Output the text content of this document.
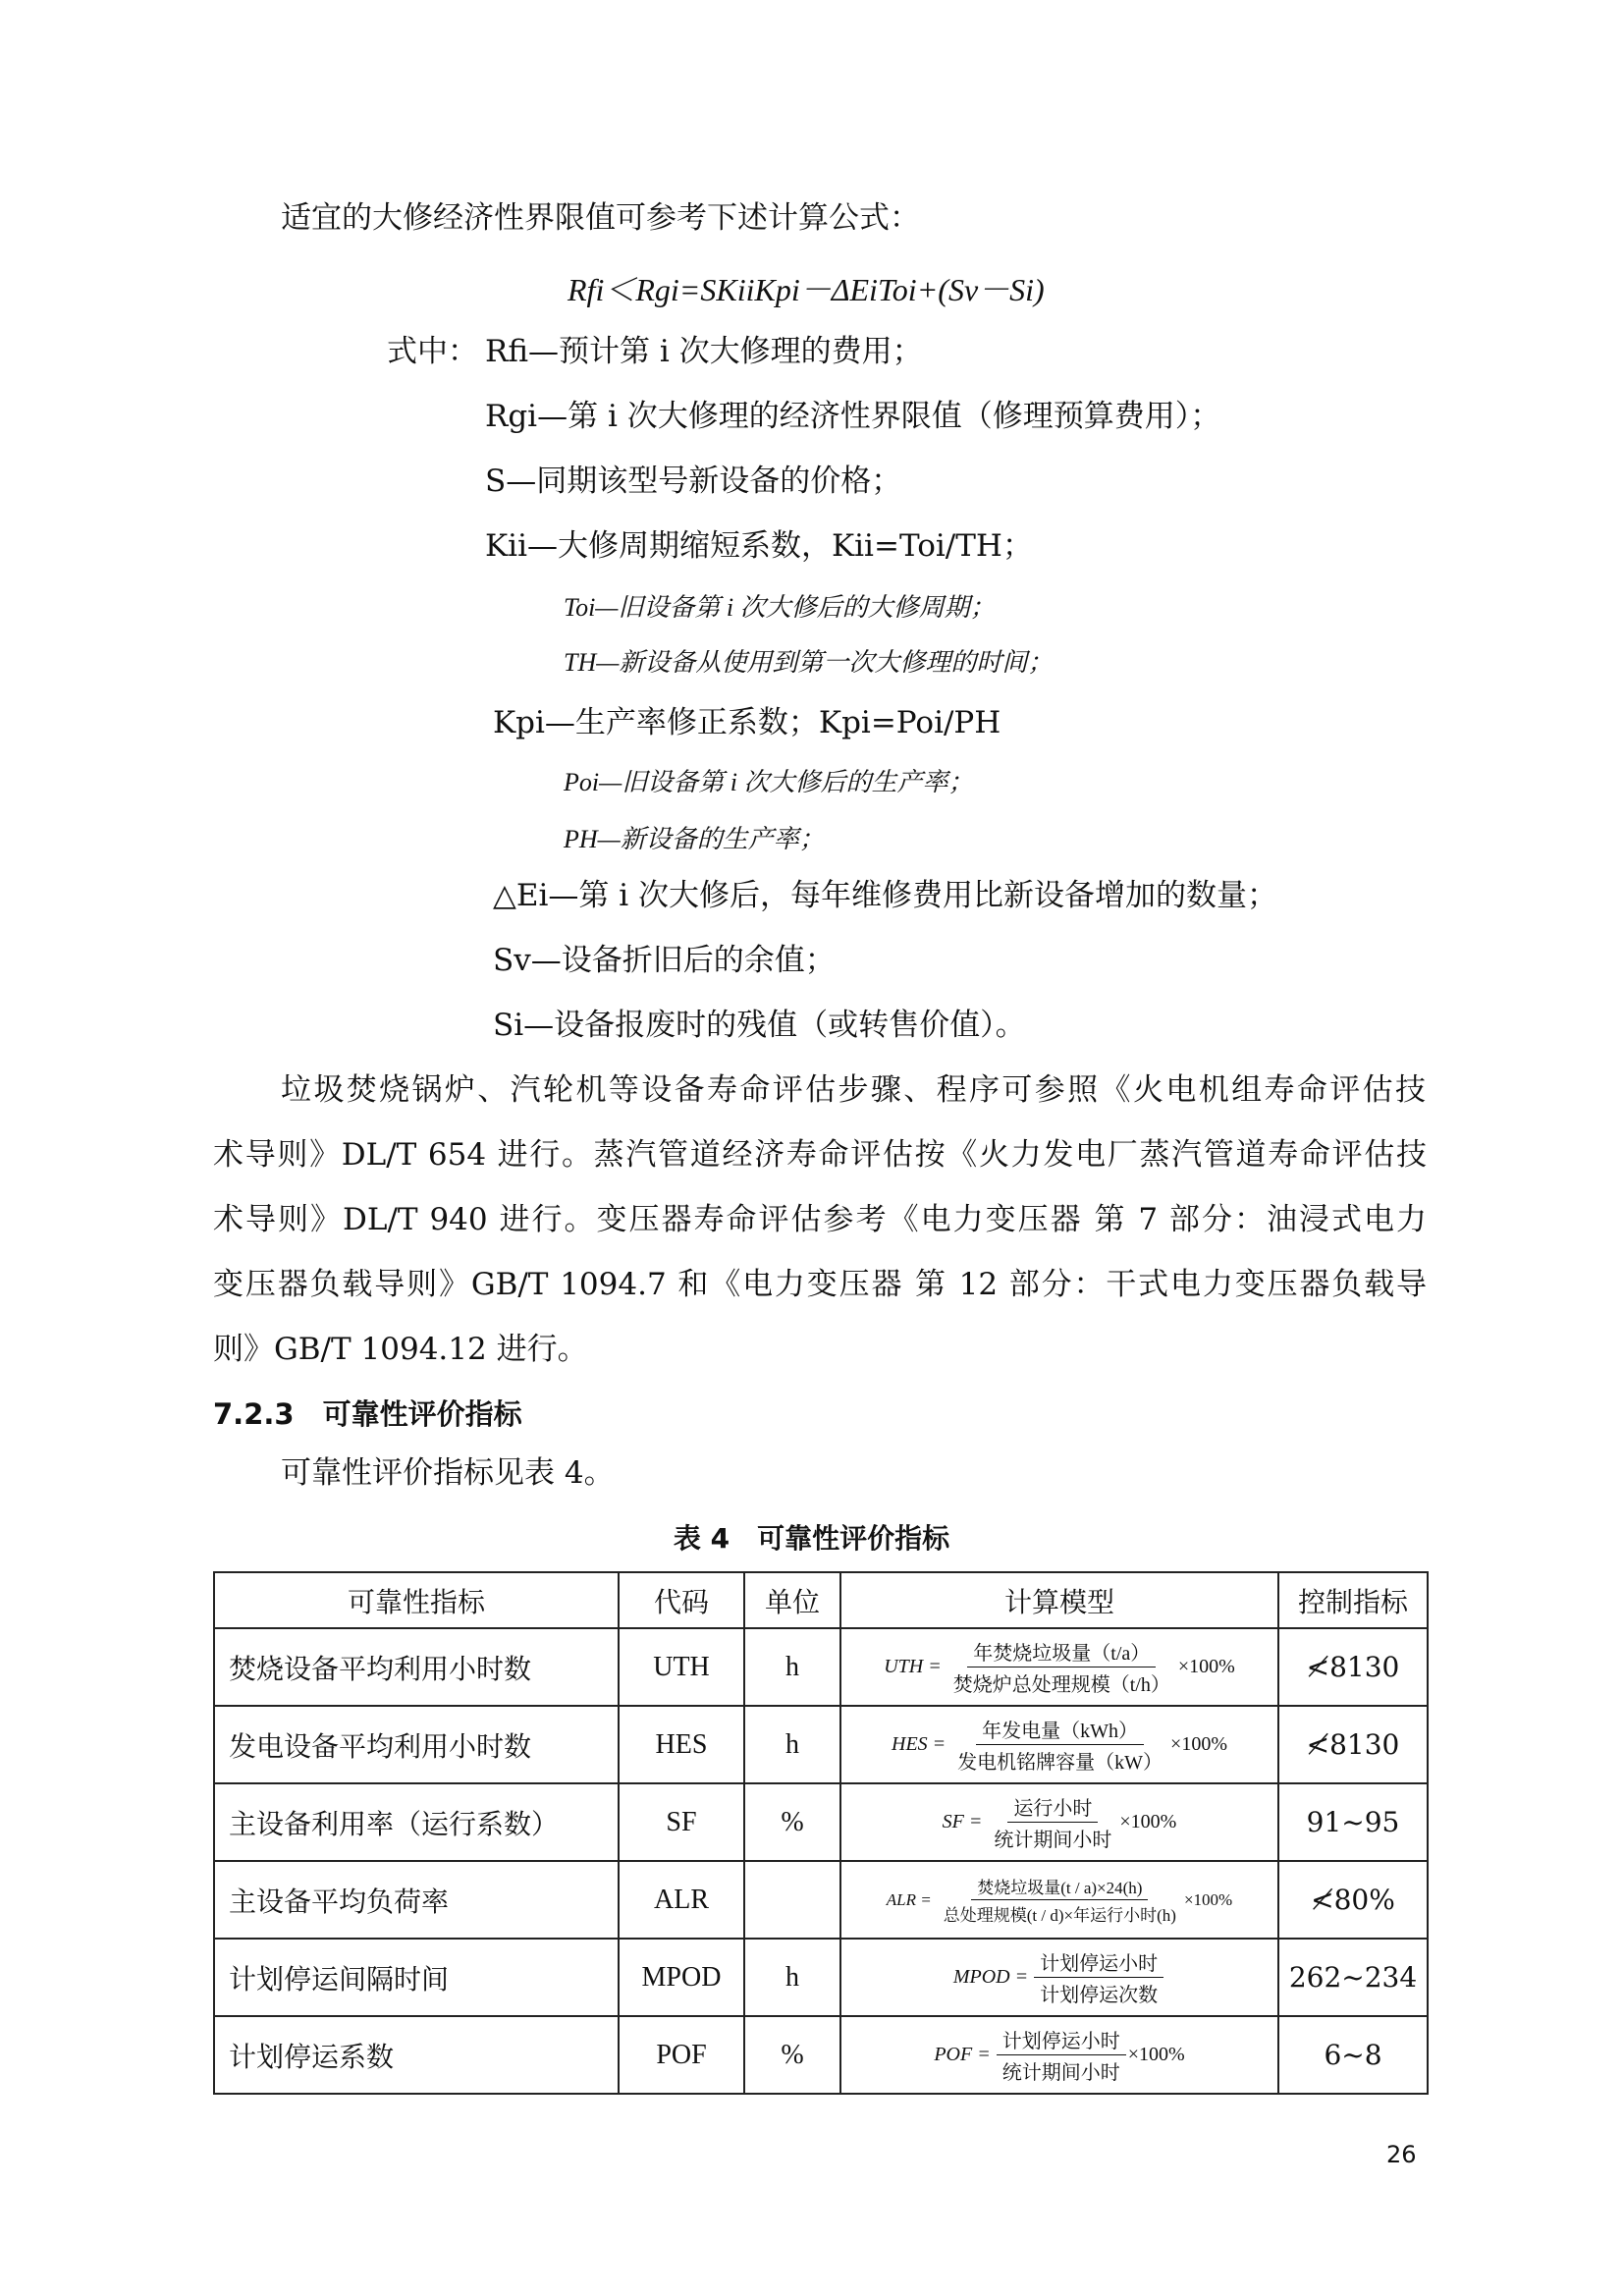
适宜的大修经济性界限值可参考下述计算公式：
Rfi＜Rgi=SKiiKpi－ΔEiToi+(Sv－Si)
式中： Rfi—预计第 i 次大修理的费用；
Rgi—第 i 次大修理的经济性界限值（修理预算费用）；
S—同期该型号新设备的价格；
Kii—大修周期缩短系数，Kii=Toi/TH；
Toi—旧设备第 i 次大修后的大修周期；
TH—新设备从使用到第一次大修理的时间；
Kpi—生产率修正系数；Kpi=Poi/PH
Poi—旧设备第 i 次大修后的生产率；
PH—新设备的生产率；
△Ei—第 i 次大修后，每年维修费用比新设备增加的数量；
Sv—设备折旧后的余值；
Si—设备报废时的残值（或转售价值）。
垃圾焚烧锅炉、汽轮机等设备寿命评估步骤、程序可参照《火电机组寿命评估技
术导则》DL/T 654 进行。蒸汽管道经济寿命评估按《火力发电厂蒸汽管道寿命评估技
术导则》DL/T 940 进行。变压器寿命评估参考《电力变压器 第 7 部分：油浸式电力
变压器负载导则》GB/T 1094.7 和《电力变压器 第 12 部分：干式电力变压器负载导
则》GB/T 1094.12 进行。
7.2.3　可靠性评价指标
可靠性评价指标见表 4。
表 4　可靠性评价指标
可靠性指标	代码	单位	计算模型	控制指标
焚烧设备平均利用小时数	UTH	h	UTH = $\frac{\text{年焚烧垃圾量（t/a）}}{\text{焚烧炉总处理规模（t/h）}} \times 100\%$	≮8130
发电设备平均利用小时数	HES	h	HES = $\frac{\text{年发电量（kWh）}}{\text{发电机铭牌容量（kW）}} \times 100\%$	≮8130
主设备利用率（运行系数）	SF	%	SF = $\frac{\text{运行小时}}{\text{统计期间小时}} \times 100\%$	91~95
主设备平均负荷率	ALR		ALR = $\frac{\text{焚烧垃圾量(t / a)×24(h)}}{\text{总处理规模(t / d)×年运行小时(h)}} \times 100\%$	≮80%
计划停运间隔时间	MPOD	h	MPOD = $\frac{\text{计划停运小时}}{\text{计划停运次数}}$	262~234
计划停运系数	POF	%	POF = $\frac{\text{计划停运小时}}{\text{统计期间小时}} \times 100\%$	6~8
26
